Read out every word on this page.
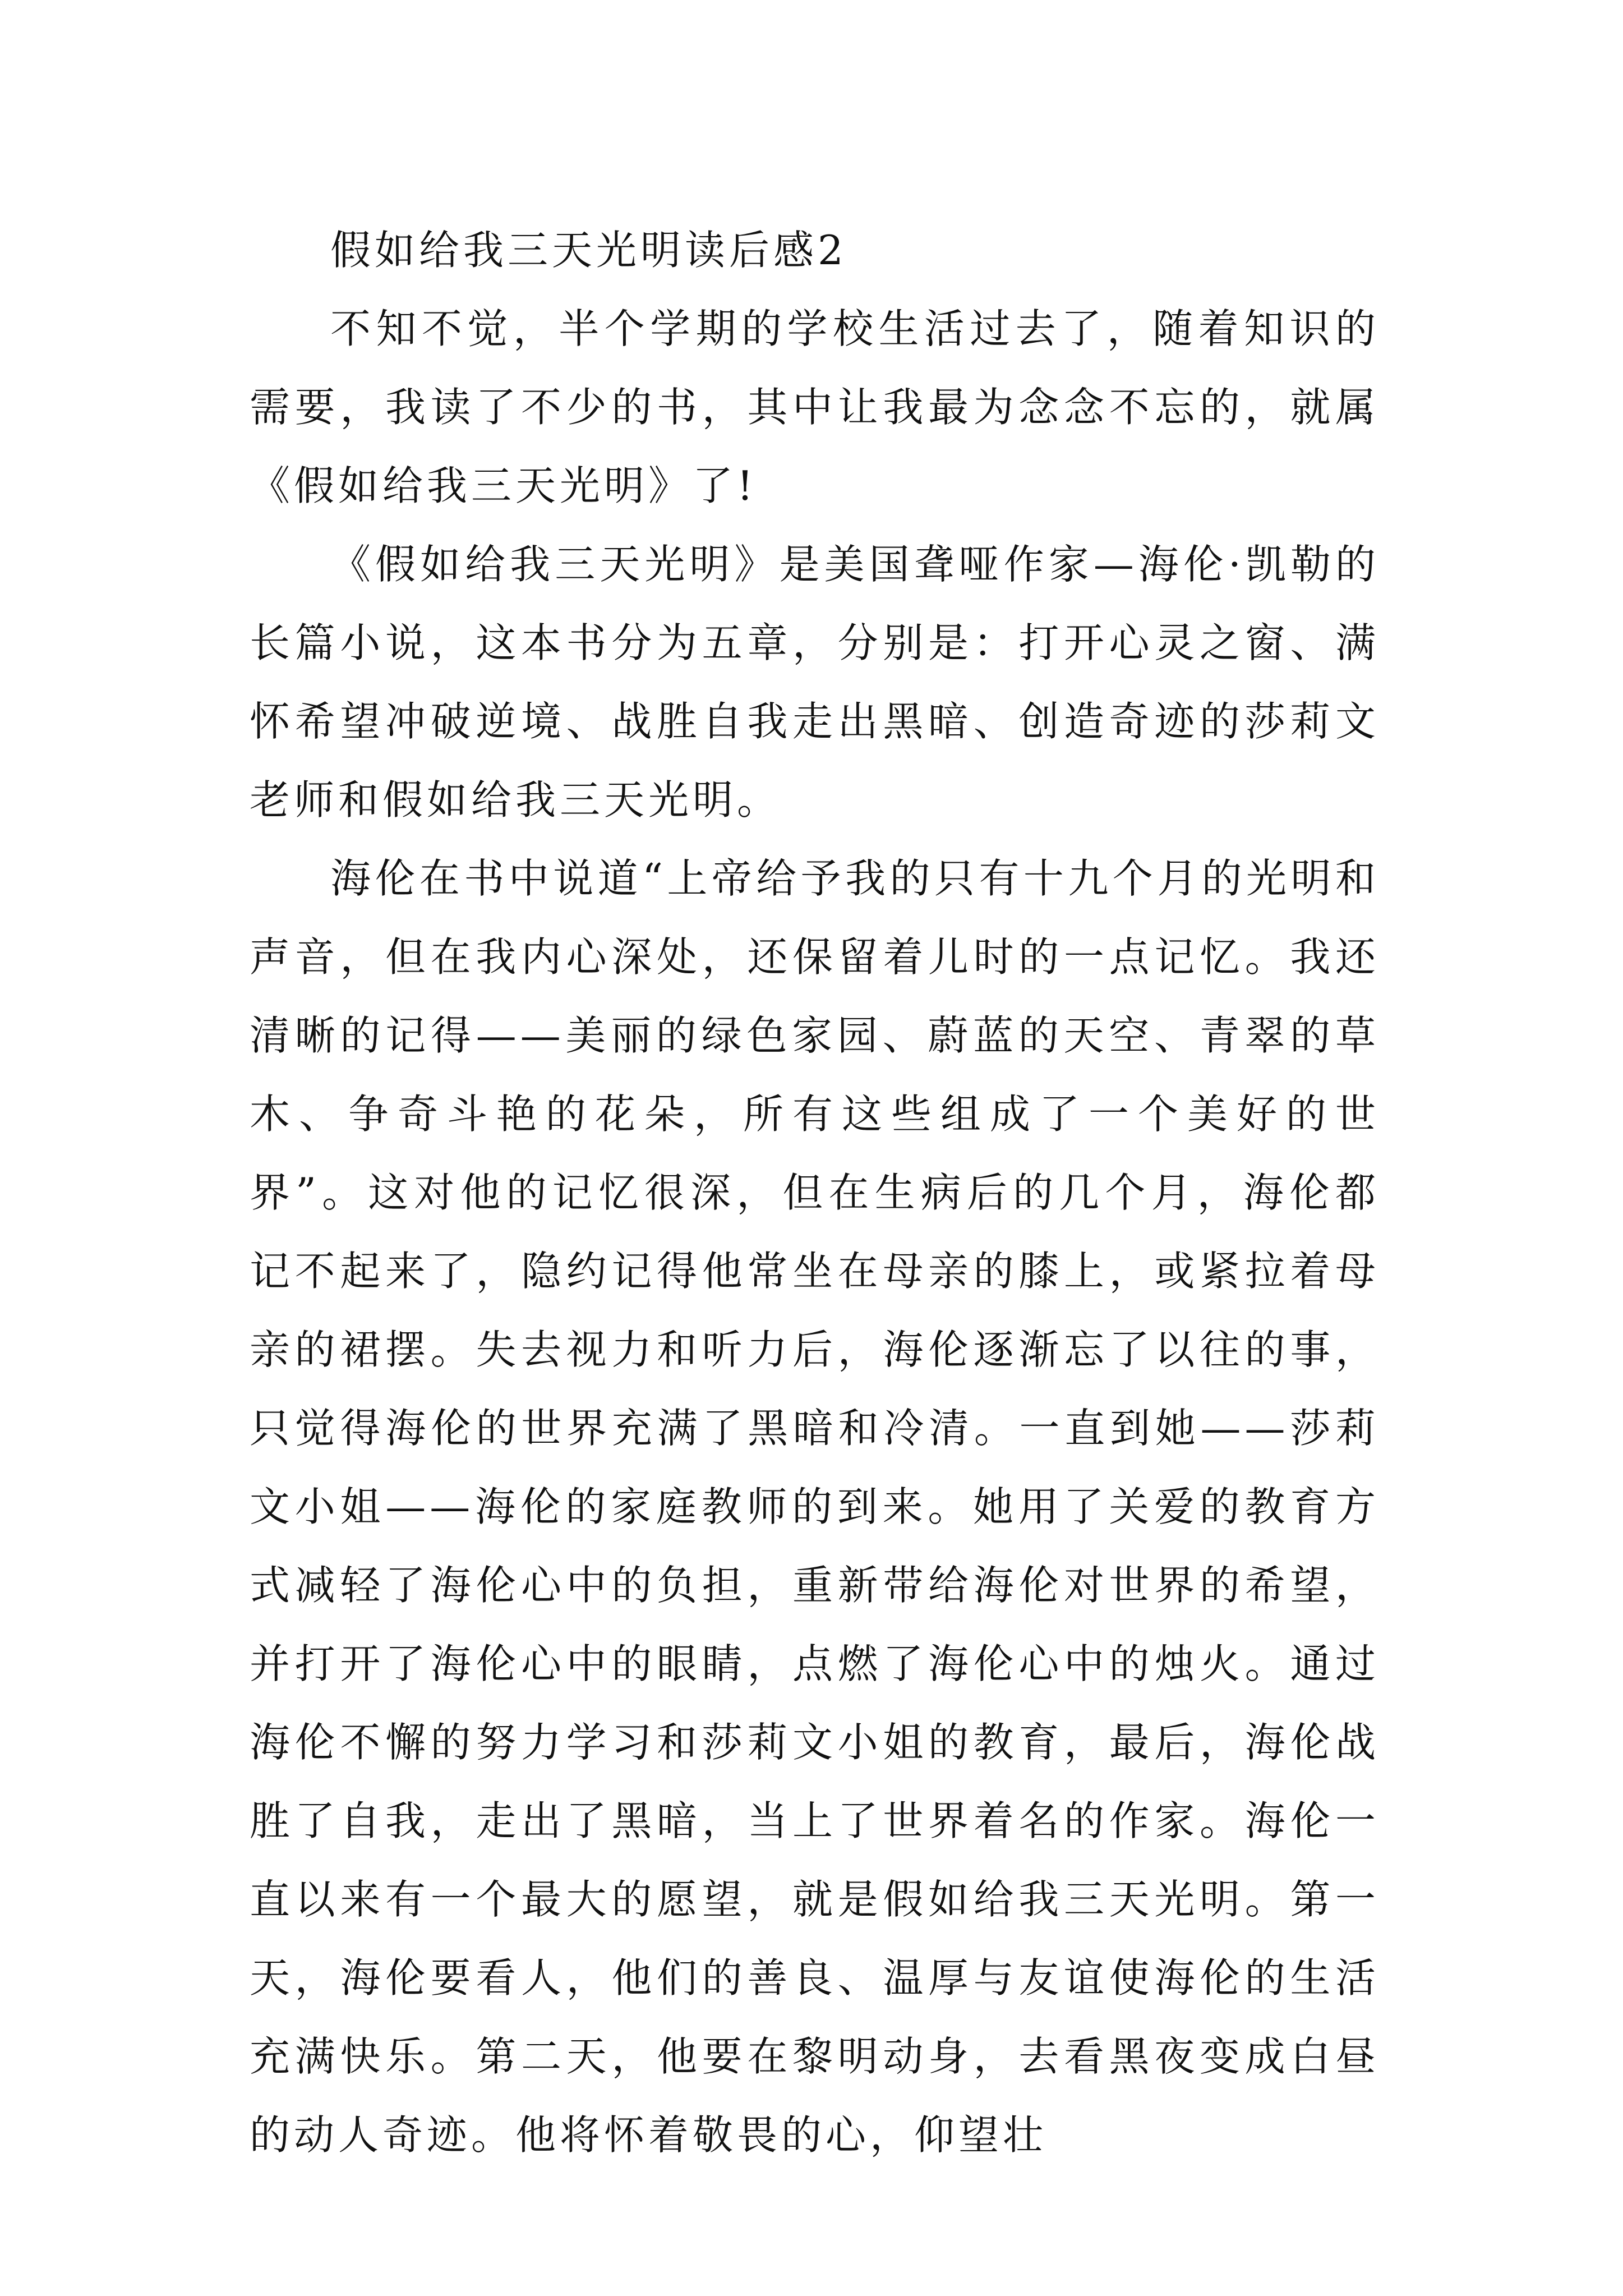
假如给我三天光明读后感2

不知不觉，半个学期的学校生活过去了，随着知识的需要，我读了不少的书，其中让我最为念念不忘的，就属《假如给我三天光明》了!

《假如给我三天光明》是美国聋哑作家—海伦·凯勒的长篇小说，这本书分为五章，分别是：打开心灵之窗、满怀希望冲破逆境、战胜自我走出黑暗、创造奇迹的莎莉文老师和假如给我三天光明。

海伦在书中说道“上帝给予我的只有十九个月的光明和声音，但在我内心深处，还保留着儿时的一点记忆。我还清晰的记得——美丽的绿色家园、蔚蓝的天空、青翠的草木、争奇斗艳的花朵，所有这些组成了一个美好的世界”。这对他的记忆很深，但在生病后的几个月，海伦都记不起来了，隐约记得他常坐在母亲的膝上，或紧拉着母亲的裙摆。失去视力和听力后，海伦逐渐忘了以往的事，只觉得海伦的世界充满了黑暗和冷清。一直到她——莎莉文小姐——海伦的家庭教师的到来。她用了关爱的教育方式减轻了海伦心中的负担，重新带给海伦对世界的希望，并打开了海伦心中的眼睛，点燃了海伦心中的烛火。通过海伦不懈的努力学习和莎莉文小姐的教育，最后，海伦战胜了自我，走出了黑暗，当上了世界着名的作家。海伦一直以来有一个最大的愿望，就是假如给我三天光明。第一天，海伦要看人，他们的善良、温厚与友谊使海伦的生活充满快乐。第二天，他要在黎明动身，去看黑夜变成白昼的动人奇迹。他将怀着敬畏的心，仰望壮
